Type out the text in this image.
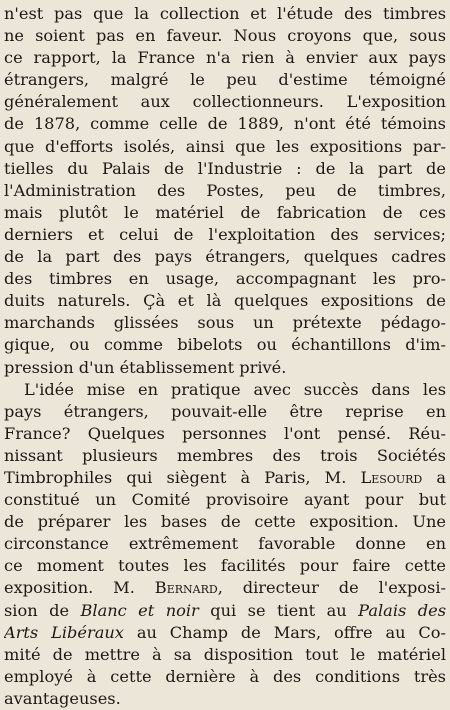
n'est pas que la collection et l'étude des timbres
ne soient pas en faveur. Nous croyons que, sous
ce rapport, la France n'a rien à envier aux pays
étrangers, malgré le peu d'estime témoigné
généralement aux collectionneurs. L'exposition
de 1878, comme celle de 1889, n'ont été témoins
que d'efforts isolés, ainsi que les expositions par-
tielles du Palais de l'Industrie : de la part de
l'Administration des Postes, peu de timbres,
mais plutôt le matériel de fabrication de ces
derniers et celui de l'exploitation des services;
de la part des pays étrangers, quelques cadres
des timbres en usage, accompagnant les pro-
duits naturels. Çà et là quelques expositions de
marchands glissées sous un prétexte pédago-
gique, ou comme bibelots ou échantillons d'im-
pression d'un établissement privé.
L'idée mise en pratique avec succès dans les
pays étrangers, pouvait-elle être reprise en
France? Quelques personnes l'ont pensé. Réu-
nissant plusieurs membres des trois Sociétés
Timbrophiles qui siègent à Paris, M. Lesourd a
constitué un Comité provisoire ayant pour but
de préparer les bases de cette exposition. Une
circonstance extrêmement favorable donne en
ce moment toutes les facilités pour faire cette
exposition. M. Bernard, directeur de l'exposi-
sion de Blanc et noir qui se tient au Palais des
Arts Libéraux au Champ de Mars, offre au Co-
mité de mettre à sa disposition tout le matériel
employé à cette dernière à des conditions très
avantageuses.
